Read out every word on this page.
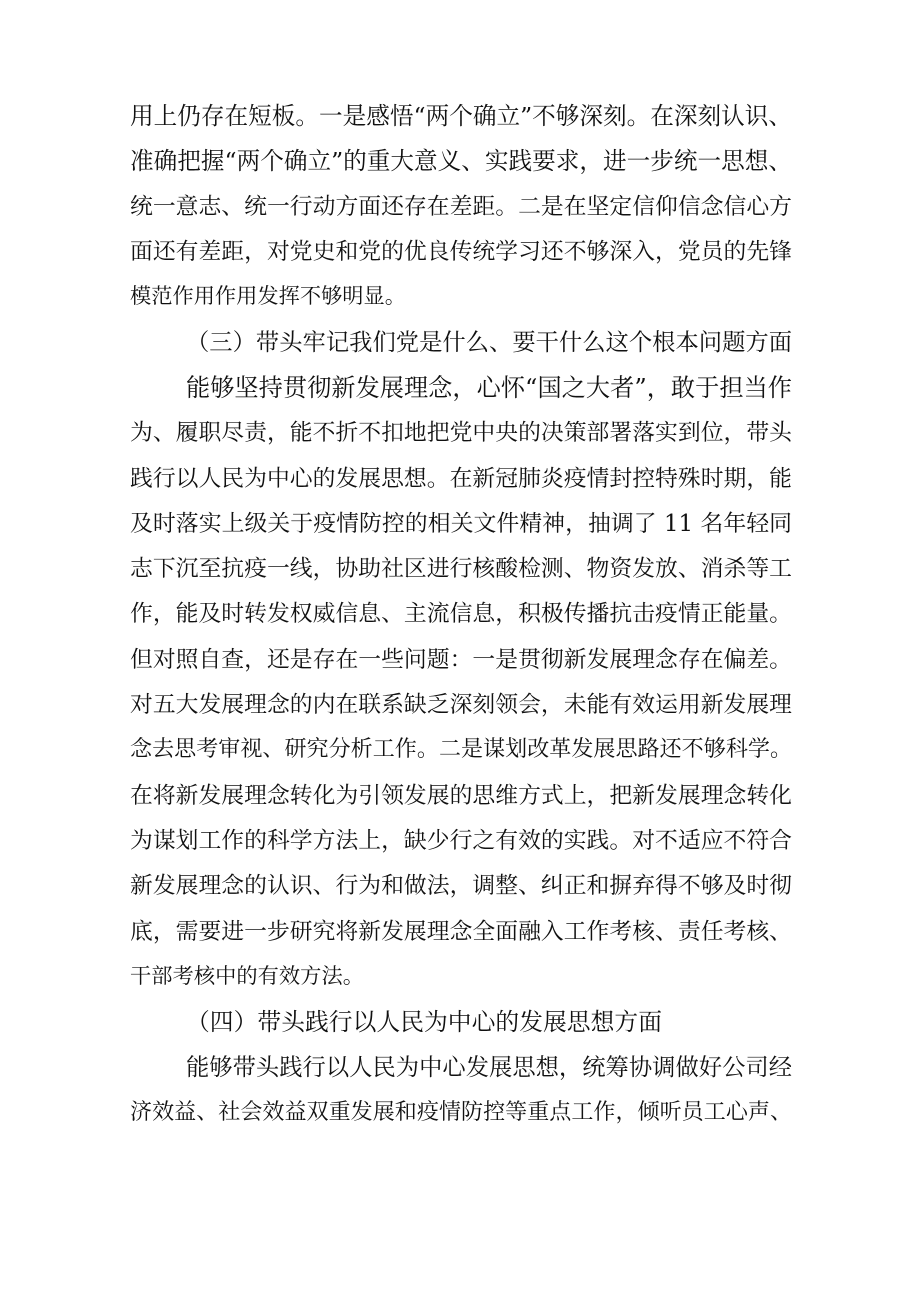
用上仍存在短板。一是感悟“两个确立”不够深刻。在深刻认识、
准确把握“两个确立”的重大意义、实践要求，进一步统一思想、
统一意志、统一行动方面还存在差距。二是在坚定信仰信念信心方
面还有差距，对党史和党的优良传统学习还不够深入，党员的先锋
模范作用作用发挥不够明显。
（三）带头牢记我们党是什么、要干什么这个根本问题方面
能够坚持贯彻新发展理念，心怀“国之大者”，敢于担当作
为、履职尽责，能不折不扣地把党中央的决策部署落实到位，带头
践行以人民为中心的发展思想。在新冠肺炎疫情封控特殊时期，能
及时落实上级关于疫情防控的相关文件精神，抽调了 11 名年轻同
志下沉至抗疫一线，协助社区进行核酸检测、物资发放、消杀等工
作，能及时转发权威信息、主流信息，积极传播抗击疫情正能量。
但对照自查，还是存在一些问题：一是贯彻新发展理念存在偏差。
对五大发展理念的内在联系缺乏深刻领会，未能有效运用新发展理
念去思考审视、研究分析工作。二是谋划改革发展思路还不够科学。
在将新发展理念转化为引领发展的思维方式上，把新发展理念转化
为谋划工作的科学方法上，缺少行之有效的实践。对不适应不符合
新发展理念的认识、行为和做法，调整、纠正和摒弃得不够及时彻
底，需要进一步研究将新发展理念全面融入工作考核、责任考核、
干部考核中的有效方法。
（四）带头践行以人民为中心的发展思想方面
能够带头践行以人民为中心发展思想，统筹协调做好公司经
济效益、社会效益双重发展和疫情防控等重点工作，倾听员工心声、
